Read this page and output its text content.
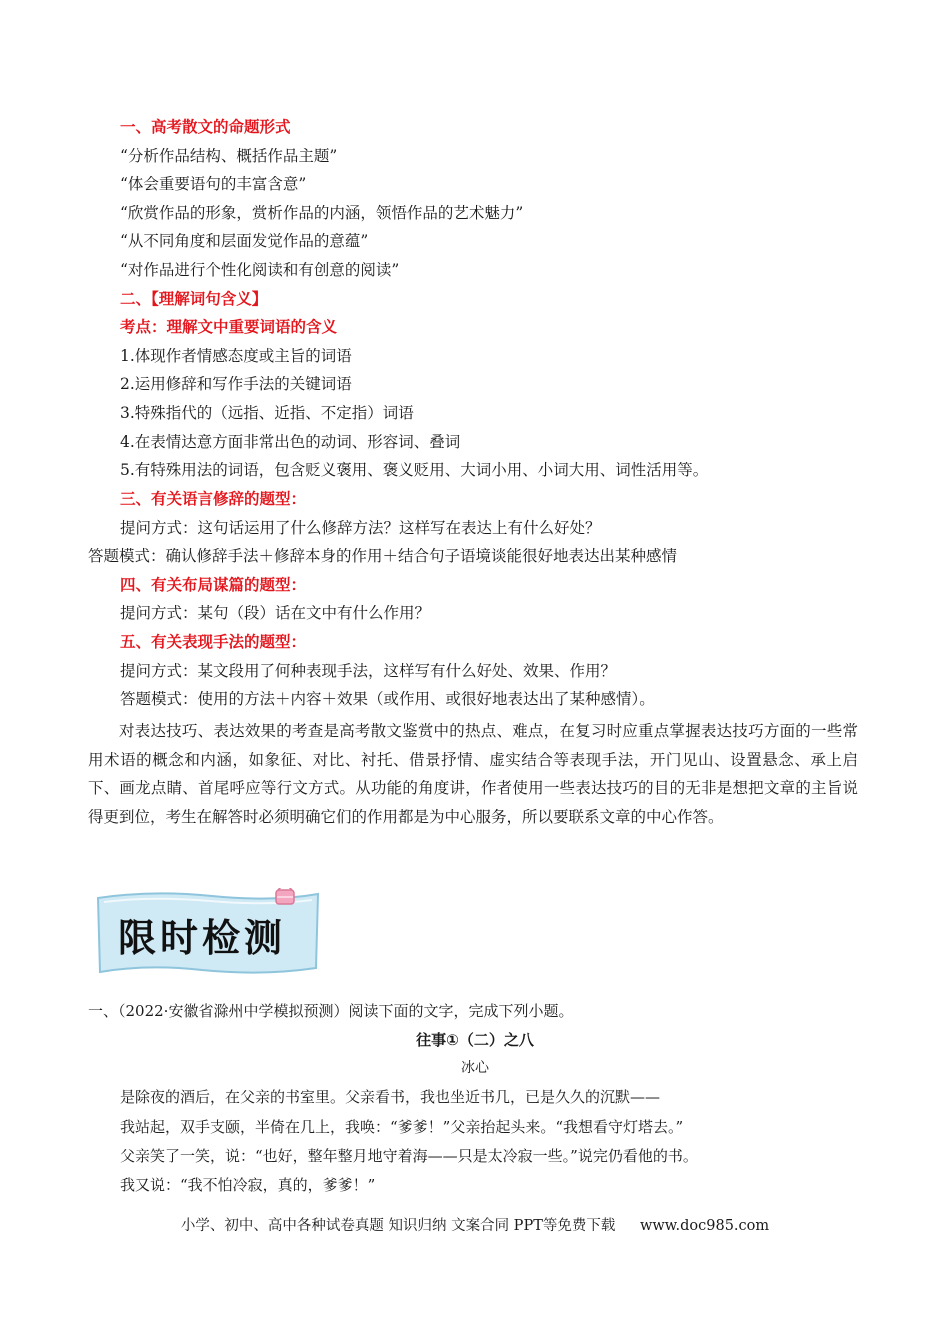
一、高考散文的命题形式
“分析作品结构、概括作品主题”
“体会重要语句的丰富含意”
“欣赏作品的形象，赏析作品的内涵，领悟作品的艺术魅力”
“从不同角度和层面发觉作品的意蕴”
“对作品进行个性化阅读和有创意的阅读”
二、【理解词句含义】
考点：理解文中重要词语的含义
1.体现作者情感态度或主旨的词语
2.运用修辞和写作手法的关键词语
3.特殊指代的（远指、近指、不定指）词语
4.在表情达意方面非常出色的动词、形容词、叠词
5.有特殊用法的词语，包含贬义褒用、褒义贬用、大词小用、小词大用、词性活用等。
三、有关语言修辞的题型：
提问方式：这句话运用了什么修辞方法？这样写在表达上有什么好处？
答题模式：确认修辞手法＋修辞本身的作用＋结合句子语境谈能很好地表达出某种感情
四、有关布局谋篇的题型：
提问方式：某句（段）话在文中有什么作用？
五、有关表现手法的题型：
提问方式：某文段用了何种表现手法，这样写有什么好处、效果、作用？
答题模式：使用的方法＋内容＋效果（或作用、或很好地表达出了某种感情）。
对表达技巧、表达效果的考查是高考散文鉴赏中的热点、难点，在复习时应重点掌握表达技巧方面的一些常用术语的概念和内涵，如象征、对比、衬托、借景抒情、虚实结合等表现手法，开门见山、设置悬念、承上启下、画龙点睛、首尾呼应等行文方式。从功能的角度讲，作者使用一些表达技巧的目的无非是想把文章的主旨说得更到位，考生在解答时必须明确它们的作用都是为中心服务，所以要联系文章的中心作答。
限时检测
一、（2022·安徽省滁州中学模拟预测）阅读下面的文字，完成下列小题。
往事①（二）之八
冰心
是除夜的酒后，在父亲的书室里。父亲看书，我也坐近书几，已是久久的沉默——
我站起，双手支颐，半倚在几上，我唤：“爹爹！”父亲抬起头来。“我想看守灯塔去。”
父亲笑了一笑，说：“也好，整年整月地守着海——只是太冷寂一些。”说完仍看他的书。
我又说：“我不怕冷寂，真的，爹爹！”
小学、初中、高中各种试卷真题 知识归纳 文案合同 PPT等免费下载 www.doc985.com
